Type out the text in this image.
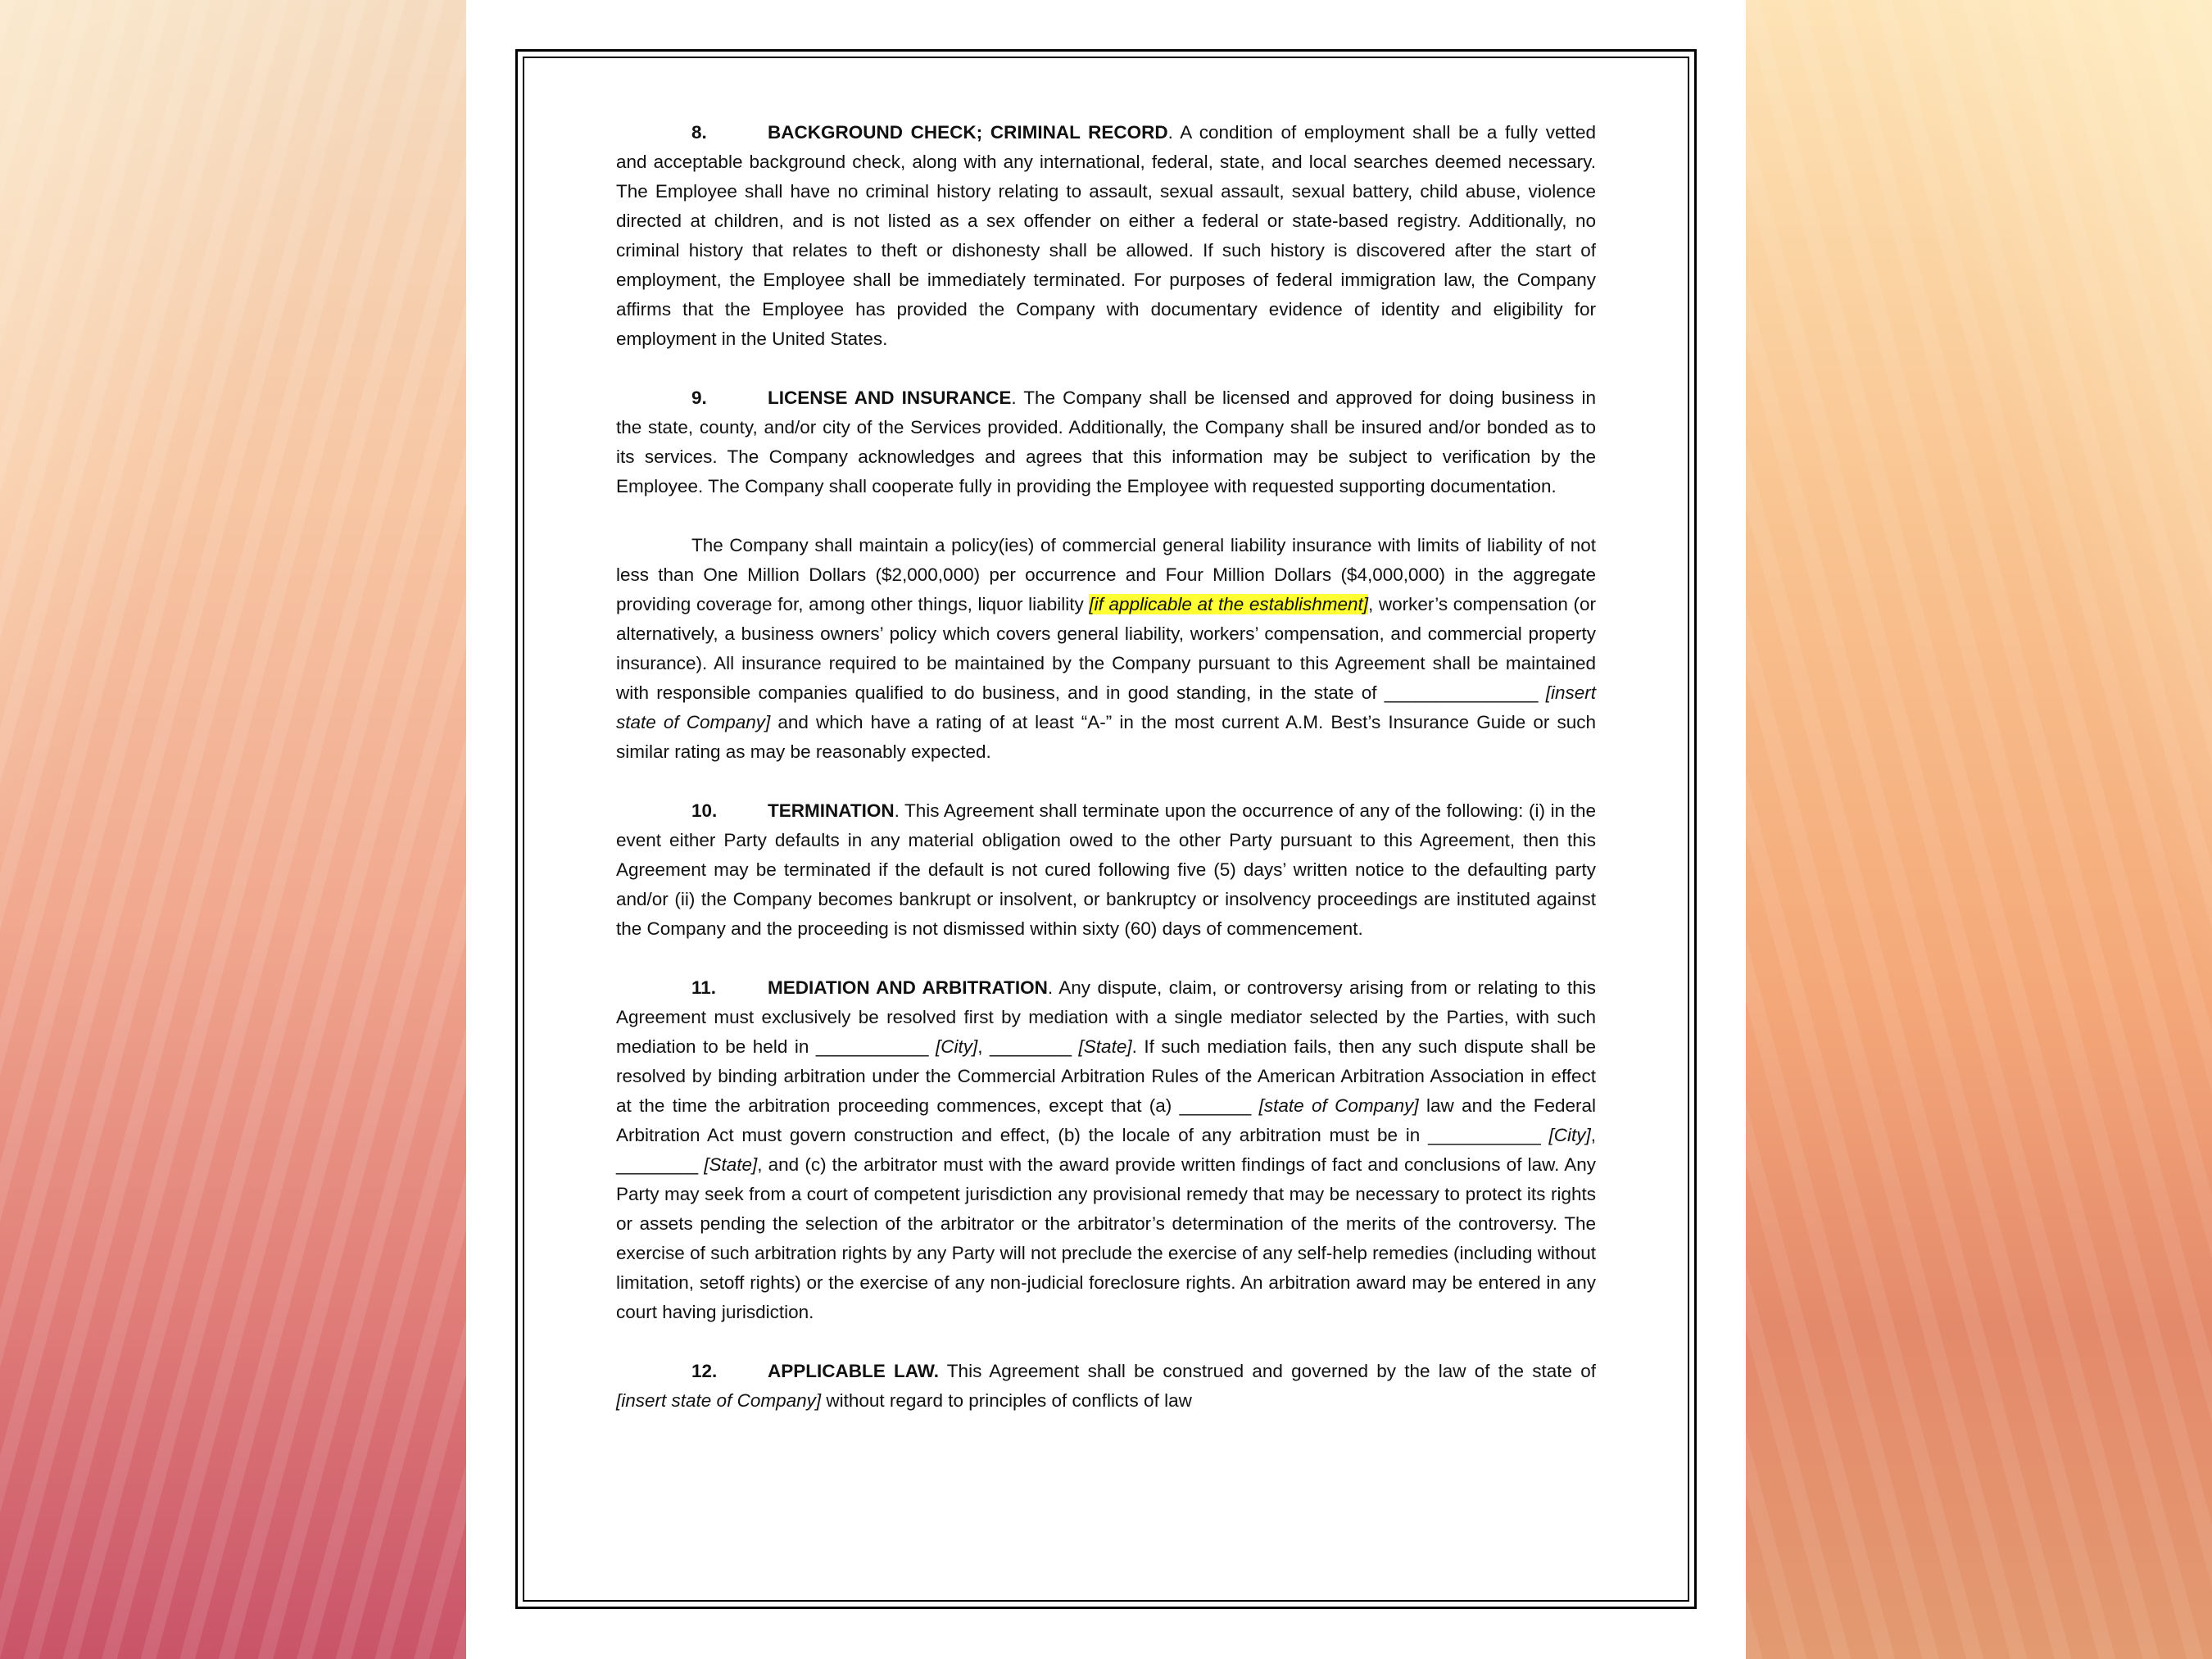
8.	BACKGROUND CHECK; CRIMINAL RECORD. A condition of employment shall be a fully vetted and acceptable background check, along with any international, federal, state, and local searches deemed necessary. The Employee shall have no criminal history relating to assault, sexual assault, sexual battery, child abuse, violence directed at children, and is not listed as a sex offender on either a federal or state-based registry. Additionally, no criminal history that relates to theft or dishonesty shall be allowed. If such history is discovered after the start of employment, the Employee shall be immediately terminated. For purposes of federal immigration law, the Company affirms that the Employee has provided the Company with documentary evidence of identity and eligibility for employment in the United States.

9.	LICENSE AND INSURANCE. The Company shall be licensed and approved for doing business in the state, county, and/or city of the Services provided. Additionally, the Company shall be insured and/or bonded as to its services. The Company acknowledges and agrees that this information may be subject to verification by the Employee. The Company shall cooperate fully in providing the Employee with requested supporting documentation.

The Company shall maintain a policy(ies) of commercial general liability insurance with limits of liability of not less than One Million Dollars ($2,000,000) per occurrence and Four Million Dollars ($4,000,000) in the aggregate providing coverage for, among other things, liquor liability [if applicable at the establishment], worker’s compensation (or alternatively, a business owners’ policy which covers general liability, workers’ compensation, and commercial property insurance). All insurance required to be maintained by the Company pursuant to this Agreement shall be maintained with responsible companies qualified to do business, and in good standing, in the state of _______________ [insert state of Company] and which have a rating of at least “A-” in the most current A.M. Best’s Insurance Guide or such similar rating as may be reasonably expected.

10.	TERMINATION. This Agreement shall terminate upon the occurrence of any of the following: (i) in the event either Party defaults in any material obligation owed to the other Party pursuant to this Agreement, then this Agreement may be terminated if the default is not cured following five (5) days’ written notice to the defaulting party and/or (ii) the Company becomes bankrupt or insolvent, or bankruptcy or insolvency proceedings are instituted against the Company and the proceeding is not dismissed within sixty (60) days of commencement.

11.	MEDIATION AND ARBITRATION. Any dispute, claim, or controversy arising from or relating to this Agreement must exclusively be resolved first by mediation with a single mediator selected by the Parties, with such mediation to be held in ___________ [City], ________ [State]. If such mediation fails, then any such dispute shall be resolved by binding arbitration under the Commercial Arbitration Rules of the American Arbitration Association in effect at the time the arbitration proceeding commences, except that (a) _______ [state of Company] law and the Federal Arbitration Act must govern construction and effect, (b) the locale of any arbitration must be in ___________ [City], ________ [State], and (c) the arbitrator must with the award provide written findings of fact and conclusions of law. Any Party may seek from a court of competent jurisdiction any provisional remedy that may be necessary to protect its rights or assets pending the selection of the arbitrator or the arbitrator’s determination of the merits of the controversy. The exercise of such arbitration rights by any Party will not preclude the exercise of any self-help remedies (including without limitation, setoff rights) or the exercise of any non-judicial foreclosure rights. An arbitration award may be entered in any court having jurisdiction.

12.	APPLICABLE LAW. This Agreement shall be construed and governed by the law of the state of [insert state of Company] without regard to principles of conflicts of law
